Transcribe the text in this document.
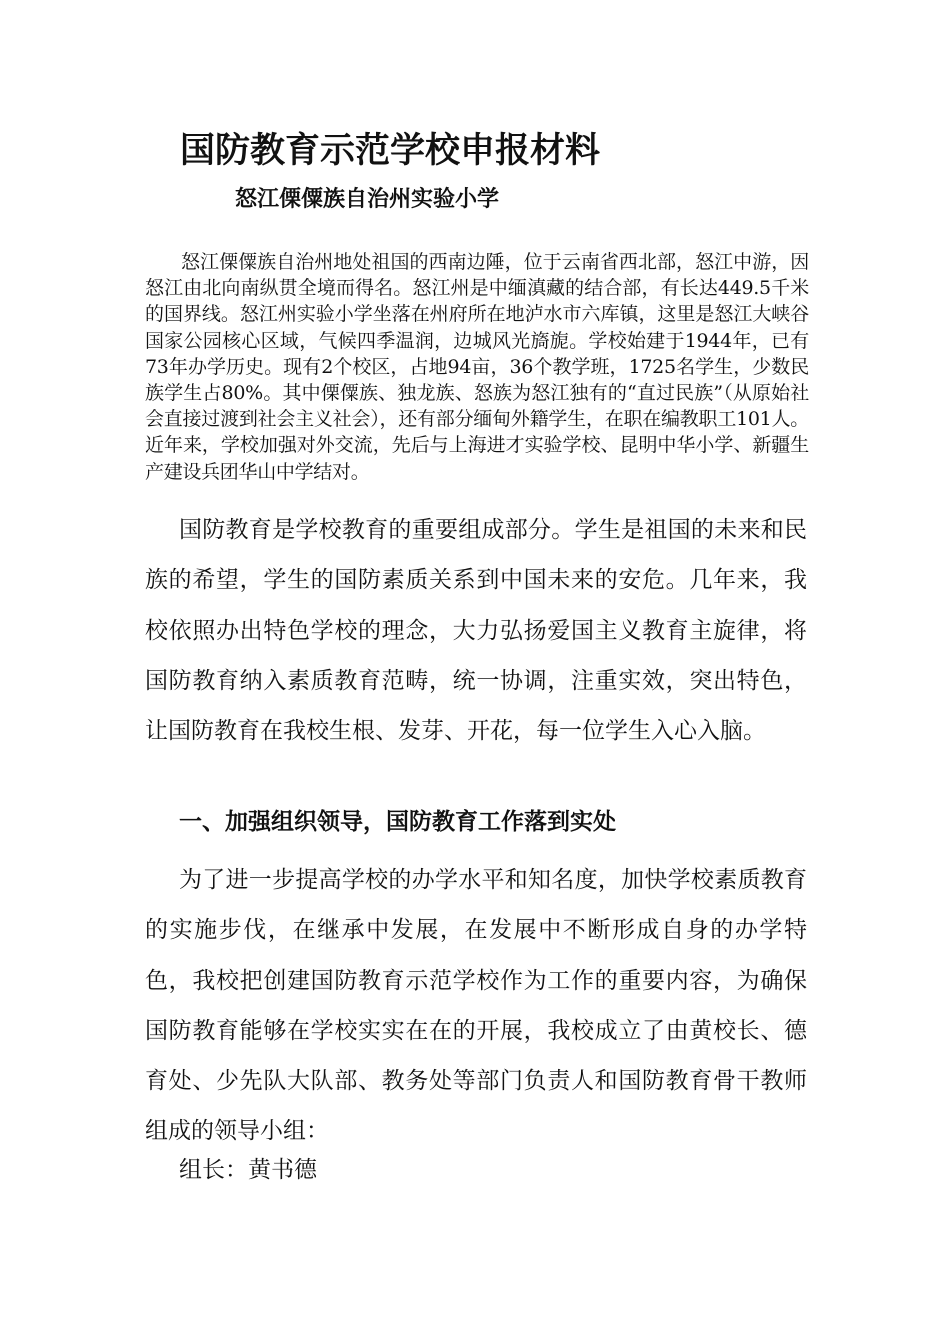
国防教育示范学校申报材料
怒江傈僳族自治州实验小学

怒江傈僳族自治州地处祖国的西南边陲，位于云南省西北部，怒江中游，因怒江由北向南纵贯全境而得名。怒江州是中缅滇藏的结合部，有长达449.5千米的国界线。怒江州实验小学坐落在州府所在地泸水市六库镇，这里是怒江大峡谷国家公园核心区域，气候四季温润，边城风光旖旎。学校始建于1944年，已有73年办学历史。现有2个校区，占地94亩，36个教学班，1725名学生，少数民族学生占80%。其中傈僳族、独龙族、怒族为怒江独有的“直过民族”（从原始社会直接过渡到社会主义社会），还有部分缅甸外籍学生，在职在编教职工101人。近年来，学校加强对外交流，先后与上海进才实验学校、昆明中华小学、新疆生产建设兵团华山中学结对。

国防教育是学校教育的重要组成部分。学生是祖国的未来和民族的希望，学生的国防素质关系到中国未来的安危。几年来，我校依照办出特色学校的理念，大力弘扬爱国主义教育主旋律，将国防教育纳入素质教育范畴，统一协调，注重实效，突出特色，让国防教育在我校生根、发芽、开花，每一位学生入心入脑。

一、加强组织领导，国防教育工作落到实处

为了进一步提高学校的办学水平和知名度，加快学校素质教育的实施步伐，在继承中发展，在发展中不断形成自身的办学特色，我校把创建国防教育示范学校作为工作的重要内容，为确保国防教育能够在学校实实在在的开展，我校成立了由黄校长、德育处、少先队大队部、教务处等部门负责人和国防教育骨干教师组成的领导小组：

组长：黄书德
